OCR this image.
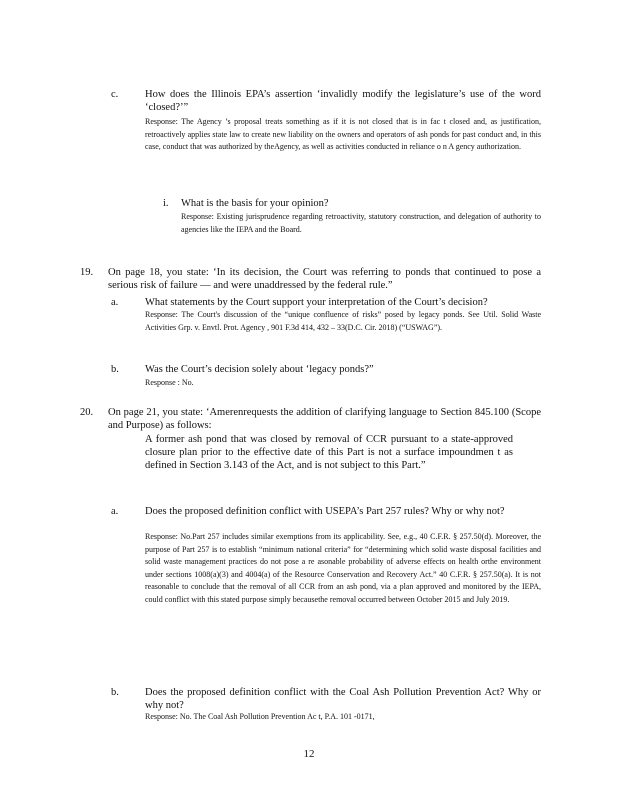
c.	How does the Illinois EPA’s assertion ‘invalidly modify the legislature’s use of the word ‘closed?’”
Response: The Agency ’s proposal treats something as if it is not closed that is in fac t closed and, as justification, retroactively applies state law to create new liability on the owners and operators of ash ponds for past conduct and, in this case, conduct that was authorized by theAgency, as well as activities conducted in reliance o n A gency authorization.
i. What is the basis for your opinion?
Response: Existing jurisprudence regarding retroactivity, statutory construction, and delegation of authority to agencies like the IEPA and the Board.
19. On page 18, you state: ‘In its decision, the Court was referring to ponds that continued to pose a serious risk of failure — and were unaddressed by the federal rule.”
a.	What statements by the Court support your interpretation of the Court’s decision?
Response: The Court's discussion of the “unique confluence of risks” posed by legacy ponds. See Util. Solid Waste Activities Grp. v. Envtl. Prot. Agency , 901 F.3d 414, 432 – 33(D.C. Cir. 2018) (“USWAG”).
b. Was the Court’s decision solely about ‘legacy ponds?”
Response : No.
20. On page 21, you state: ‘Amerenrequests the addition of clarifying language to Section 845.100 (Scope and Purpose) as follows:
A former ash pond that was closed by removal of CCR pursuant to a state-approved closure plan prior to the effective date of this Part is not a surface impoundmen t as defined in Section 3.143 of the Act, and is not subject to this Part.”
a.	Does the proposed definition conflict with USEPA’s Part 257 rules? Why or why not?
Response: No.Part 257 includes similar exemptions from its applicability. See, e.g., 40 C.F.R. § 257.50(d). Moreover, the purpose of Part 257 is to establish “minimum national criteria” for “determining which solid waste disposal facilities and solid waste management practices do not pose a re asonable probability of adverse effects on health orthe environment under sections 1008(a)(3) and 4004(a) of the Resource Conservation and Recovery Act.” 40 C.F.R. § 257.50(a). It is not reasonable to conclude that the removal of all CCR from an ash pond, via a plan approved and monitored by the IEPA, could conflict with this stated purpose simply becausethe removal occurred between October 2015 and July 2019.
b. Does the proposed definition conflict with the Coal Ash Pollution Prevention Act? Why or why not?
Response: No. The Coal Ash Pollution Prevention Ac t, P.A. 101 -0171,
12
